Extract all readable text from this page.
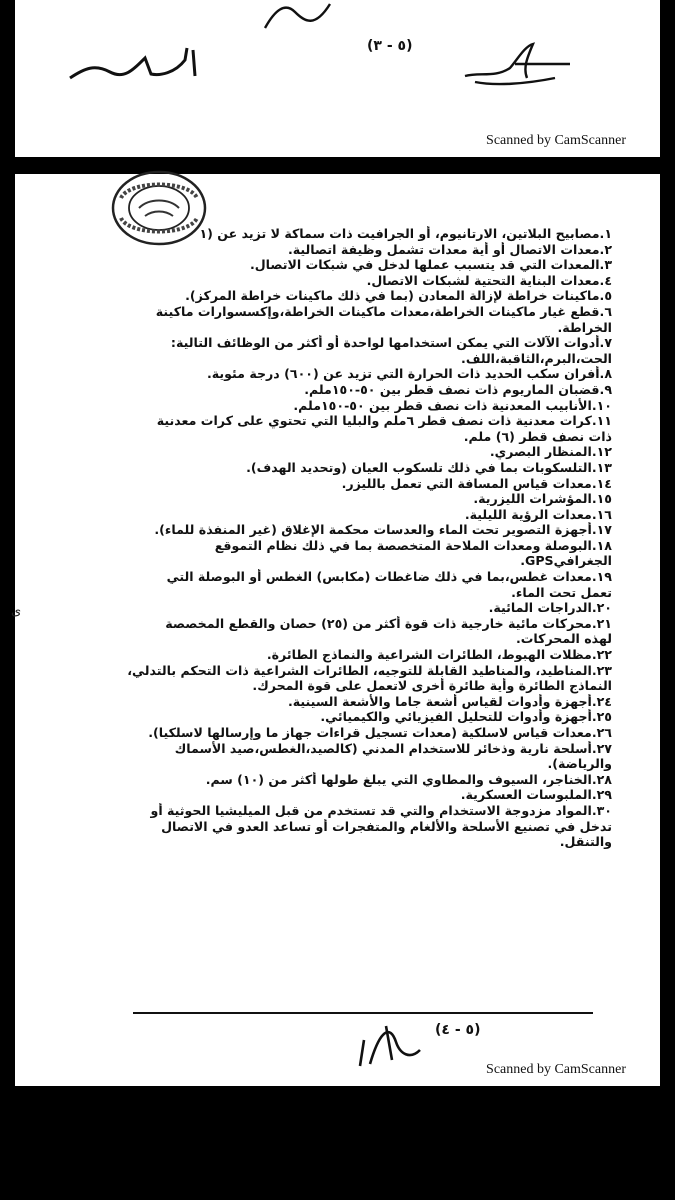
(٥ - ٣)
Scanned by CamScanner
ى

١.مصابيح البلاتين، الارتانيوم، أو الجرافيت ذات سماكة لا تزيد عن (١

٢.معدات الاتصال أو أية معدات تشمل وظيفة اتصالية.

٣.المعدات التي قد يتسبب عملها لدخل في شبكات الاتصال.

٤.معدات البناية التحتية لشبكات الاتصال.

٥.ماكينات خراطة لإزالة المعادن (بما في ذلك ماكينات خراطة المركز).

٦.قطع غيار ماكينات الخراطة،معدات ماكينات الخراطة،وإكسسوارات ماكينة

الخراطة.

٧.أدوات الآلات التي يمكن استخدامها لواحدة أو أكثر من الوظائف التالية:

الحت،البرم،الثاقبة،اللف.

٨.أفران سكب الحديد ذات الحرارة التي تزيد عن (٦٠٠) درجة مئوية.

٩.قضبان الماريوم ذات نصف قطر بين ٥٠-١٥٠ملم.

١٠.الأنابيب المعدنية ذات نصف قطر بين ٥٠-١٥٠ملم.

١١.كرات معدنية ذات نصف قطر ٦ملم والبليا التي تحتوي على كرات معدنية

ذات نصف قطر (٦) ملم.

١٢.المنظار البصري.

١٣.التلسكوبات بما في ذلك تلسكوب العيان (وتحديد الهدف).

١٤.معدات قياس المسافة التي تعمل بالليزر.

١٥.المؤشرات الليزرية.

١٦.معدات الرؤية الليلية.

١٧.أجهزة التصوير تحت الماء والعدسات محكمة الإغلاق (غير المنفذة للماء).

١٨.البوصلة ومعدات الملاحة المتخصصة بما في ذلك نظام التموقع

الجغرافيGPS.

١٩.معدات غطس،بما في ذلك ضاغطات (مكابس) الغطس أو البوصلة التي

تعمل تحت الماء.

٢٠.الدراجات المائية.

٢١.محركات مائية خارجية ذات قوة أكثر من (٢٥) حصان والقطع المخصصة

لهذه المحركات.

٢٢.مظلات الهبوط، الطائرات الشراعية والنماذج الطائرة.

٢٣.المناطيد، والمناطيد القابلة للتوجيه، الطائرات الشراعية ذات التحكم بالتدلي،

النماذج الطائرة وأية طائرة أخرى لاتعمل على قوة المحرك.

٢٤.أجهزة وأدوات لقياس أشعة جاما والأشعة السينية.

٢٥.أجهزة وأدوات للتحليل الفيزيائي والكيميائي.

٢٦.معدات قياس لاسلكية (معدات تسجيل قراءات جهاز ما وإرسالها لاسلكيا).

٢٧.أسلحة نارية وذخائر للاستخدام المدني (كالصيد،الغطس،صيد الأسماك

والرياضة).

٢٨.الخناجر، السيوف والمطاوي التي يبلغ طولها أكثر من (١٠) سم.

٢٩.الملبوسات العسكرية.

٣٠.المواد مزدوجة الاستخدام والتي قد تستخدم من قبل الميليشيا الحوثية أو

تدخل في تصنيع الأسلحة والألغام والمتفجرات أو تساعد العدو في الاتصال

والتنقل.

(٥ - ٤)
Scanned by CamScanner
